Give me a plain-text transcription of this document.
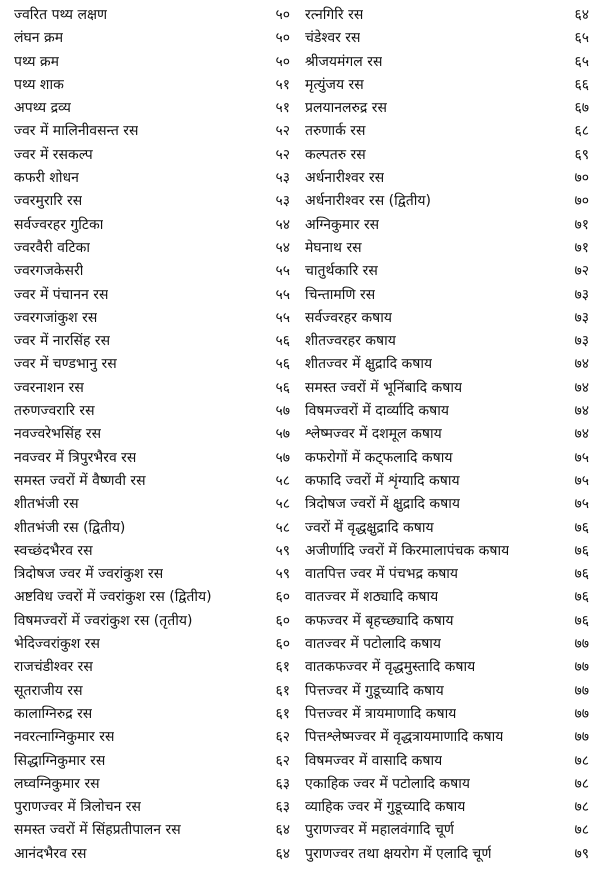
ज्वरित पथ्य लक्षण	५०
लंघन क्रम	५०
पथ्य क्रम	५०
पथ्य शाक	५१
अपथ्य द्रव्य	५१
ज्वर में मालिनीवसन्त रस	५२
ज्वर में रसकल्प	५२
कफरी शोधन	५३
ज्वरमुरारि रस	५३
सर्वज्वरहर गुटिका	५४
ज्वरवैरी वटिका	५४
ज्वरगजकेसरी	५५
ज्वर में पंचानन रस	५५
ज्वरगजांकुश रस	५५
ज्वर में नारसिंह रस	५६
ज्वर में चण्डभानु रस	५६
ज्वरनाशन रस	५६
तरुणज्वरारि रस	५७
नवज्वरेभसिंह रस	५७
नवज्वर में त्रिपुरभैरव रस	५७
समस्त ज्वरों में वैष्णवी रस	५८
शीतभंजी रस	५८
शीतभंजी रस (द्वितीय)	५८
स्वच्छंदभैरव रस	५९
त्रिदोषज ज्वर में ज्वरांकुश रस	५९
अष्टविध ज्वरों में ज्वरांकुश रस (द्वितीय)	६०
विषमज्वरों में ज्वरांकुश रस (तृतीय)	६०
भेदिज्वरांकुश रस	६०
राजचंडीश्वर रस	६१
सूतराजीय रस	६१
कालाग्निरुद्र रस	६१
नवरत्नाग्निकुमार रस	६२
सिद्धाग्निकुमार रस	६२
लघ्वग्निकुमार रस	६३
पुराणज्वर में त्रिलोचन रस	६३
समस्त ज्वरों में सिंहप्रतीपालन रस	६४
आनंदभैरव रस	६४
रत्नगिरि रस	६४
चंडेश्वर रस	६५
श्रीजयमंगल रस	६५
मृत्युंजय रस	६६
प्रलयानलरुद्र रस	६७
तरुणार्क रस	६८
कल्पतरु रस	६९
अर्धनारीश्वर रस	७०
अर्धनारीश्वर रस (द्वितीय)	७०
अग्निकुमार रस	७१
मेघनाथ रस	७१
चातुर्थकारि रस	७२
चिन्तामणि रस	७३
सर्वज्वरहर कषाय	७३
शीतज्वरहर कषाय	७३
शीतज्वर में क्षुद्रादि कषाय	७४
समस्त ज्वरों में भूनिंबादि कषाय	७४
विषमज्वरों में दार्व्यादि कषाय	७४
श्लेष्मज्वर में दशमूल कषाय	७४
कफरोगों में कट्फलादि कषाय	७५
कफादि ज्वरों में शृंग्यादि कषाय	७५
त्रिदोषज ज्वरों में क्षुद्रादि कषाय	७५
ज्वरों में वृद्धक्षुद्रादि कषाय	७६
अजीर्णादि ज्वरों में किरमालापंचक कषाय	७६
वातपित्त ज्वर में पंचभद्र कषाय	७६
वातज्वर में शठ्यादि कषाय	७६
कफज्वर में बृहच्छ्यादि कषाय	७६
वातज्वर में पटोलादि कषाय	७७
वातकफज्वर में वृद्धमुस्तादि कषाय	७७
पित्तज्वर में गुडूच्यादि कषाय	७७
पित्तज्वर में त्रायमाणादि कषाय	७७
पित्तश्लेष्मज्वर में वृद्धत्रायमाणादि कषाय	७७
विषमज्वर में वासादि कषाय	७८
एकाहिक ज्वर में पटोलादि कषाय	७८
व्याहिक ज्वर में गुडूच्यादि कषाय	७८
पुराणज्वर में महालवंगादि चूर्ण	७८
पुराणज्वर तथा क्षयरोग में एलादि चूर्ण	७९
